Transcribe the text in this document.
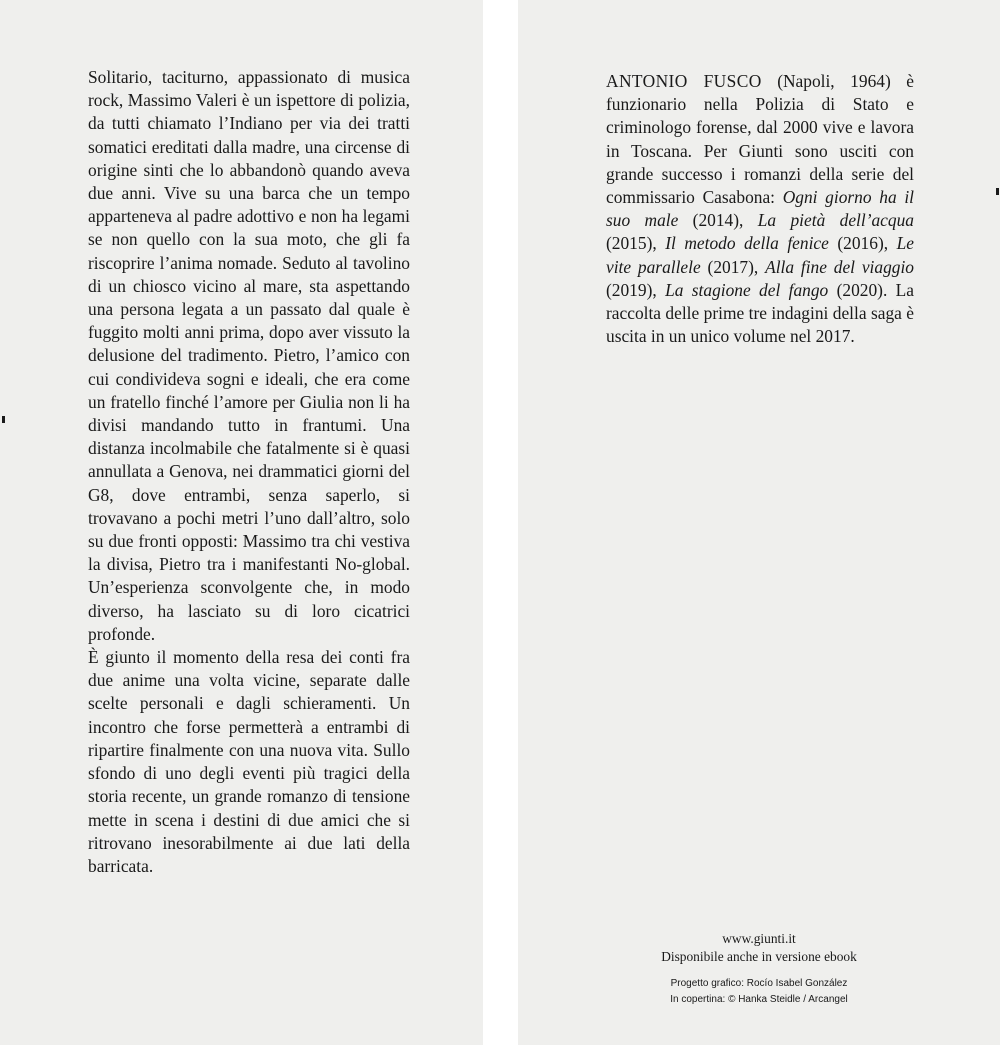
Solitario, taciturno, appassionato di musica rock, Massimo Valeri è un ispettore di polizia, da tutti chiamato l’Indiano per via dei tratti somatici ereditati dalla madre, una circense di origine sinti che lo abbandonò quando aveva due anni. Vive su una barca che un tempo apparteneva al padre adottivo e non ha legami se non quello con la sua moto, che gli fa riscoprire l’anima nomade. Seduto al tavolino di un chiosco vicino al mare, sta aspettando una persona legata a un passato dal quale è fuggito molti anni prima, dopo aver vissuto la delusione del tradimento. Pietro, l’amico con cui condivideva sogni e ideali, che era come un fratello finché l’amore per Giulia non li ha divisi mandando tutto in frantumi. Una distanza incolmabile che fatalmente si è quasi annullata a Genova, nei drammatici giorni del G8, dove entrambi, senza saperlo, si trovavano a pochi metri l’uno dall’altro, solo su due fronti opposti: Massimo tra chi vestiva la divisa, Pietro tra i manifestanti No-global. Un’esperienza sconvolgente che, in modo diverso, ha lasciato su di loro cicatrici profonde.

È giunto il momento della resa dei conti fra due anime una volta vicine, separate dalle scelte personali e dagli schieramenti. Un incontro che forse permetterà a entrambi di ripartire finalmente con una nuova vita. Sullo sfondo di uno degli eventi più tragici della storia recente, un grande romanzo di tensione mette in scena i destini di due amici che si ritrovano inesorabilmente ai due lati della barricata.

ANTONIO FUSCO (Napoli, 1964) è funzionario nella Polizia di Stato e criminologo forense, dal 2000 vive e lavora in Toscana. Per Giunti sono usciti con grande successo i romanzi della serie del commissario Casabona: Ogni giorno ha il suo male (2014), La pietà dell’acqua (2015), Il metodo della fenice (2016), Le vite parallele (2017), Alla fine del viaggio (2019), La stagione del fango (2020). La raccolta delle prime tre indagini della saga è uscita in un unico volume nel 2017.

www.giunti.it
Disponibile anche in versione ebook
Progetto grafico: Rocío Isabel González
In copertina: © Hanka Steidle / Arcangel
